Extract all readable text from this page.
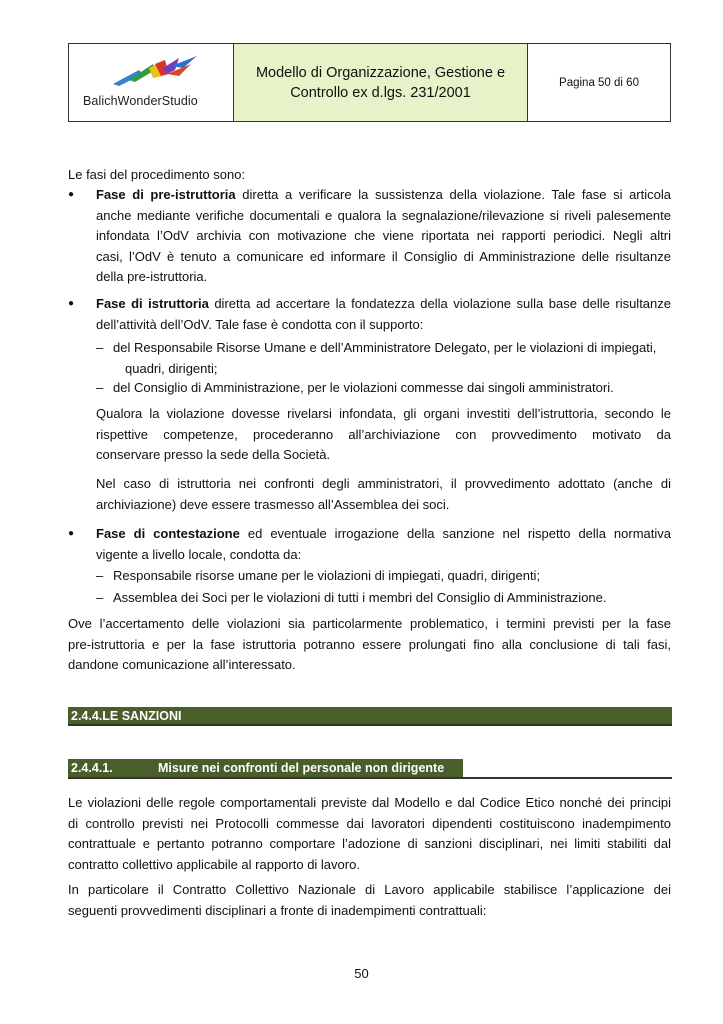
BalichWonderStudio
Modello di Organizzazione, Gestione e
Controllo ex d.lgs. 231/2001
Pagina 50 di 60

Le fasi del procedimento sono:

● Fase di pre-istruttoria diretta a verificare la sussistenza della violazione. Tale fase si articola

anche mediante verifiche documentali e qualora la segnalazione/rilevazione si riveli palesemente

infondata l’OdV archivia con motivazione che viene riportata nei rapporti periodici. Negli altri

casi, l’OdV è tenuto a comunicare ed informare il Consiglio di Amministrazione delle risultanze

della pre-istruttoria.

● Fase di istruttoria diretta ad accertare la fondatezza della violazione sulla base delle risultanze

dell’attività dell’OdV. Tale fase è condotta con il supporto:

– del Responsabile Risorse Umane e dell’Amministratore Delegato, per le violazioni di impiegati,

quadri, dirigenti;

– del Consiglio di Amministrazione, per le violazioni commesse dai singoli amministratori.

Qualora la violazione dovesse rivelarsi infondata, gli organi investiti dell’istruttoria, secondo le

rispettive competenze, procederanno all’archiviazione con provvedimento motivato da

conservare presso la sede della Società.

Nel caso di istruttoria nei confronti degli amministratori, il provvedimento adottato (anche di

archiviazione) deve essere trasmesso all’Assemblea dei soci.

● Fase di contestazione ed eventuale irrogazione della sanzione nel rispetto della normativa

vigente a livello locale, condotta da:

– Responsabile risorse umane per le violazioni di impiegati, quadri, dirigenti;

– Assemblea dei Soci per le violazioni di tutti i membri del Consiglio di Amministrazione.

Ove l’accertamento delle violazioni sia particolarmente problematico, i termini previsti per la fase

pre-istruttoria e per la fase istruttoria potranno essere prolungati fino alla conclusione di tali fasi,

dandone comunicazione all’interessato.

2.4.4.LE SANZIONI
2.4.4.1.	Misure nei confronti del personale non dirigente

Le violazioni delle regole comportamentali previste dal Modello e dal Codice Etico nonché dei principi

di controllo previsti nei Protocolli commesse dai lavoratori dipendenti costituiscono inadempimento

contrattuale e pertanto potranno comportare l’adozione di sanzioni disciplinari, nei limiti stabiliti dal

contratto collettivo applicabile al rapporto di lavoro.

In particolare il Contratto Collettivo Nazionale di Lavoro applicabile stabilisce l’applicazione dei

seguenti provvedimenti disciplinari a fronte di inadempimenti contrattuali:

50
